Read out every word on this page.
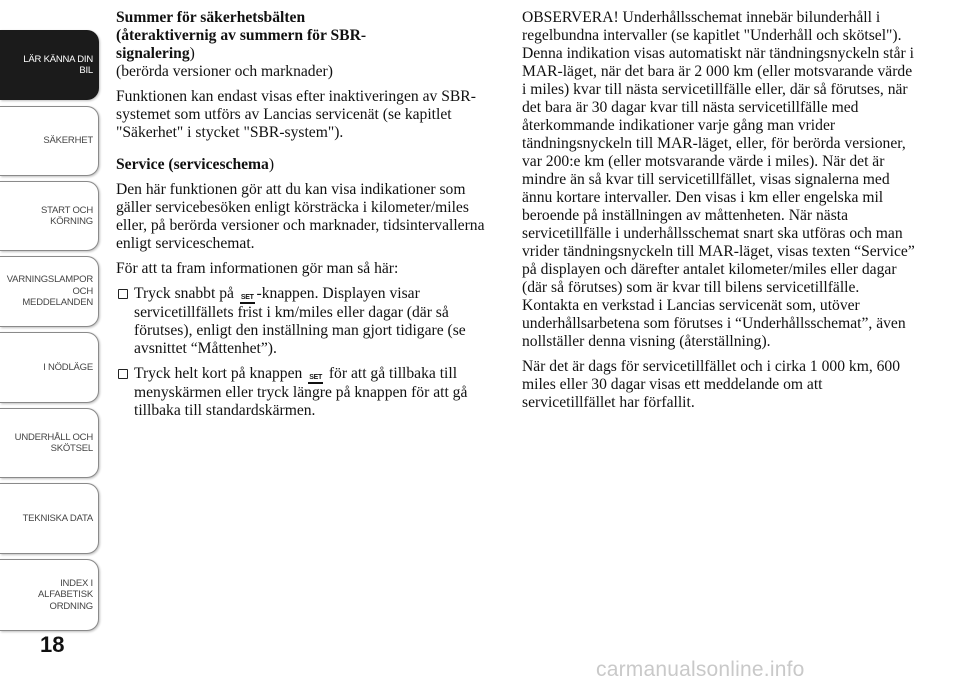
LÄR KÄNNA DIN
BIL
SÄKERHET
START OCH
KÖRNING
VARNINGSLAMPOR
OCH
MEDDELANDEN
I NÖDLÄGE
UNDERHÅLL OCH
SKÖTSEL
TEKNISKA DATA
INDEX I
ALFABETISK
ORDNING
18

Summer för säkerhetsbälten
(återaktivernig av summern för SBR-
signalering)
(berörda versioner och marknader)

Funktionen kan endast visas efter inaktiveringen av SBR-systemet som utförs av Lancias servicenät (se kapitlet "Säkerhet" i stycket "SBR-system").

Service (serviceschema)

Den här funktionen gör att du kan visa indikationer som gäller servicebesöken enligt körsträcka i kilometer/miles eller, på berörda versioner och marknader, tidsintervallerna enligt serviceschemat.

För att ta fram informationen gör man så här:

Tryck snabbt på SET -knappen. Displayen visar servicetillfällets frist i km/miles eller dagar (där så förutses), enligt den inställning man gjort tidigare (se avsnittet “Måttenhet”).
Tryck helt kort på knappen SET för att gå tillbaka till menyskärmen eller tryck längre på knappen för att gå tillbaka till standardskärmen.

OBSERVERA! Underhållsschemat innebär bilunderhåll i regelbundna intervaller (se kapitlet "Underhåll och skötsel"). Denna indikation visas automatiskt när tändningsnyckeln står i MAR-läget, när det bara är 2 000 km (eller motsvarande värde i miles) kvar till nästa servicetillfälle eller, där så förutses, när det bara är 30 dagar kvar till nästa servicetillfälle med återkommande indikationer varje gång man vrider tändningsnyckeln till MAR-läget, eller, för berörda versioner, var 200:e km (eller motsvarande värde i miles). När det är mindre än så kvar till servicetillfället, visas signalerna med ännu kortare intervaller. Den visas i km eller engelska mil beroende på inställningen av måttenheten. När nästa servicetillfälle i underhållsschemat snart ska utföras och man vrider tändningsnyckeln till MAR-läget, visas texten “Service” på displayen och därefter antalet kilometer/miles eller dagar (där så förutses) som är kvar till bilens servicetillfälle. Kontakta en verkstad i Lancias servicenät som, utöver underhållsarbetena som förutses i “Underhållsschemat”, även nollställer denna visning (återställning).

När det är dags för servicetillfället och i cirka 1 000 km, 600 miles eller 30 dagar visas ett meddelande om att servicetillfället har förfallit.

carmanualsonline.info
